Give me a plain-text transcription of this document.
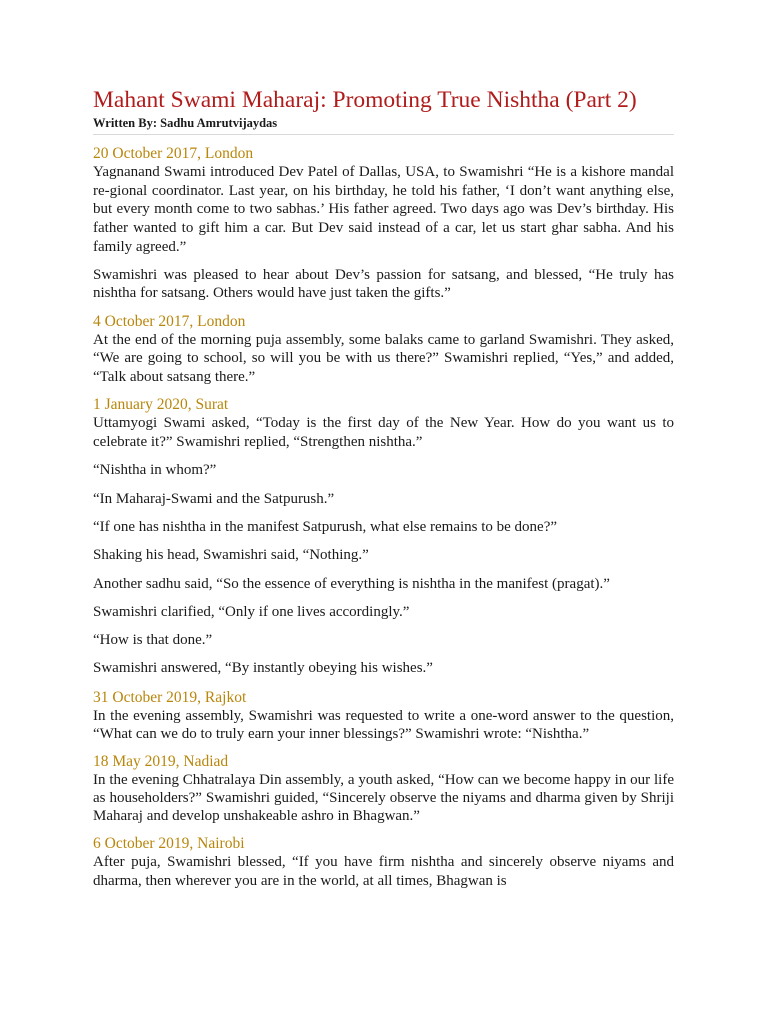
Mahant Swami Maharaj: Promoting True Nishtha (Part 2)
Written By: Sadhu Amrutvijaydas
20 October 2017, London

Yagnanand Swami introduced Dev Patel of Dallas, USA, to Swamishri “He is a kishore mandal re-gional coordinator. Last year, on his birthday, he told his father, ‘I don’t want anything else, but every month come to two sabhas.’ His father agreed. Two days ago was Dev’s birthday. His father wanted to gift him a car. But Dev said instead of a car, let us start ghar sabha. And his family agreed.”

Swamishri was pleased to hear about Dev’s passion for satsang, and blessed, “He truly has nishtha for satsang. Others would have just taken the gifts.”

4 October 2017, London

At the end of the morning puja assembly, some balaks came to garland Swamishri. They asked, “We are going to school, so will you be with us there?” Swamishri replied, “Yes,” and added, “Talk about satsang there.”

1 January 2020, Surat

Uttamyogi Swami asked, “Today is the first day of the New Year. How do you want us to celebrate it?” Swamishri replied, “Strengthen nishtha.”

“Nishtha in whom?”

“In Maharaj-Swami and the Satpurush.”

“If one has nishtha in the manifest Satpurush, what else remains to be done?”

Shaking his head, Swamishri said, “Nothing.”

Another sadhu said, “So the essence of everything is nishtha in the manifest (pragat).”

Swamishri clarified, “Only if one lives accordingly.”

“How is that done.”

Swamishri answered, “By instantly obeying his wishes.”

31 October 2019, Rajkot

In the evening assembly, Swamishri was requested to write a one-word answer to the question, “What can we do to truly earn your inner blessings?” Swamishri wrote: “Nishtha.”

18 May 2019, Nadiad

In the evening Chhatralaya Din assembly, a youth asked, “How can we become happy in our life as householders?” Swamishri guided, “Sincerely observe the niyams and dharma given by Shriji Maharaj and develop unshakeable ashro in Bhagwan.”

6 October 2019, Nairobi

After puja, Swamishri blessed, “If you have firm nishtha and sincerely observe niyams and dharma, then wherever you are in the world, at all times, Bhagwan is
